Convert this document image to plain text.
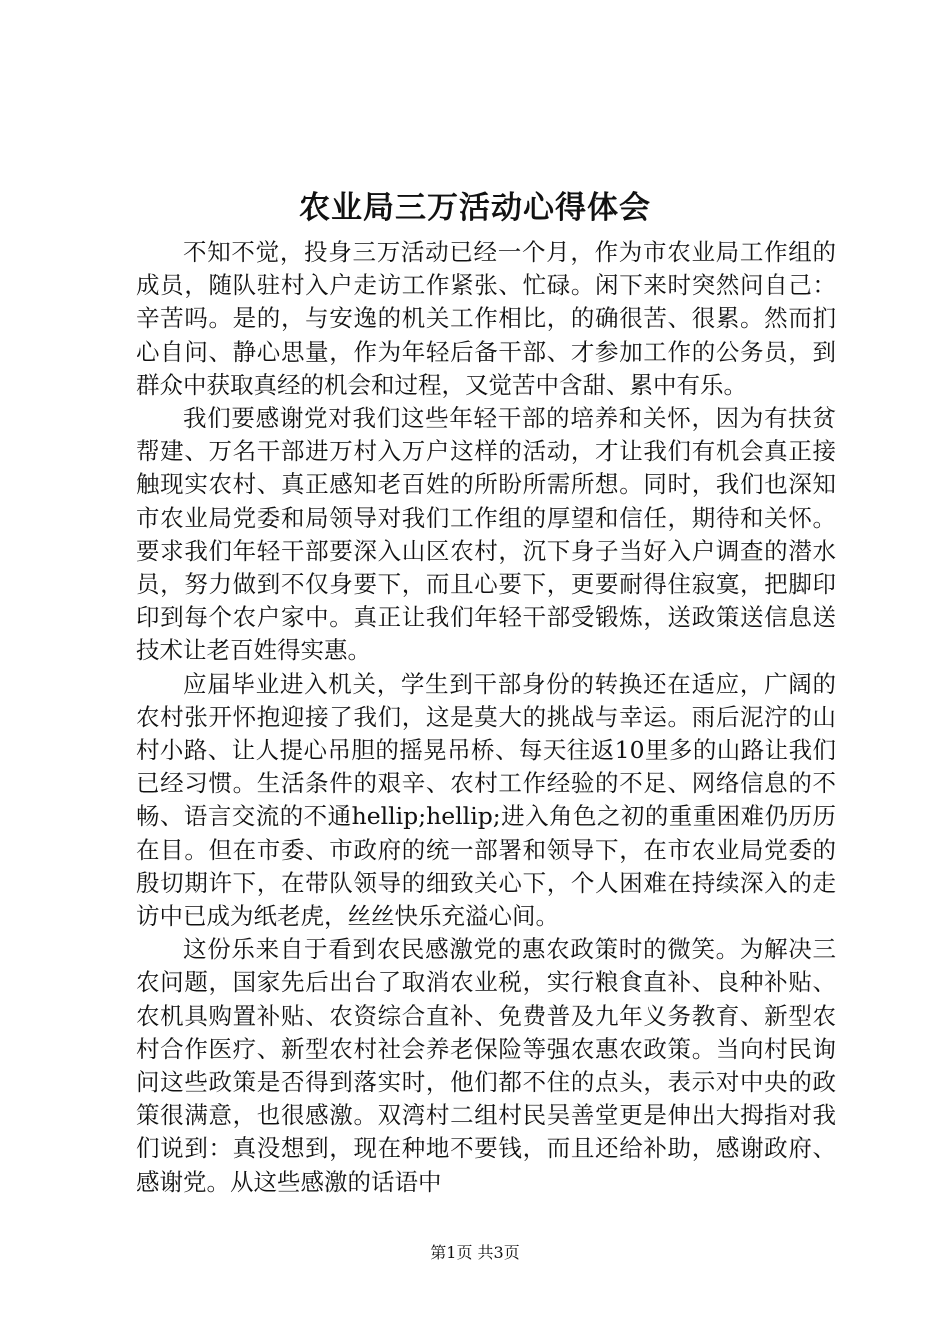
农业局三万活动心得体会

不知不觉，投身三万活动已经一个月，作为市农业局工作组的成员，随队驻村入户走访工作紧张、忙碌。闲下来时突然问自己：辛苦吗。是的，与安逸的机关工作相比，的确很苦、很累。然而扪心自问、静心思量，作为年轻后备干部、才参加工作的公务员，到群众中获取真经的机会和过程，又觉苦中含甜、累中有乐。

我们要感谢党对我们这些年轻干部的培养和关怀，因为有扶贫帮建、万名干部进万村入万户这样的活动，才让我们有机会真正接触现实农村、真正感知老百姓的所盼所需所想。同时，我们也深知市农业局党委和局领导对我们工作组的厚望和信任，期待和关怀。要求我们年轻干部要深入山区农村，沉下身子当好入户调查的潜水员，努力做到不仅身要下，而且心要下，更要耐得住寂寞，把脚印印到每个农户家中。真正让我们年轻干部受锻炼，送政策送信息送技术让老百姓得实惠。

应届毕业进入机关，学生到干部身份的转换还在适应，广阔的农村张开怀抱迎接了我们，这是莫大的挑战与幸运。雨后泥泞的山村小路、让人提心吊胆的摇晃吊桥、每天往返10里多的山路让我们已经习惯。生活条件的艰辛、农村工作经验的不足、网络信息的不畅、语言交流的不通hellip;hellip;进入角色之初的重重困难仍历历在目。但在市委、市政府的统一部署和领导下，在市农业局党委的殷切期许下，在带队领导的细致关心下，个人困难在持续深入的走访中已成为纸老虎，丝丝快乐充溢心间。

这份乐来自于看到农民感激党的惠农政策时的微笑。为解决三农问题，国家先后出台了取消农业税，实行粮食直补、良种补贴、农机具购置补贴、农资综合直补、免费普及九年义务教育、新型农村合作医疗、新型农村社会养老保险等强农惠农政策。当向村民询问这些政策是否得到落实时，他们都不住的点头，表示对中央的政策很满意，也很感激。双湾村二组村民吴善堂更是伸出大拇指对我们说到：真没想到，现在种地不要钱，而且还给补助，感谢政府、感谢党。从这些感激的话语中

第1页 共3页
